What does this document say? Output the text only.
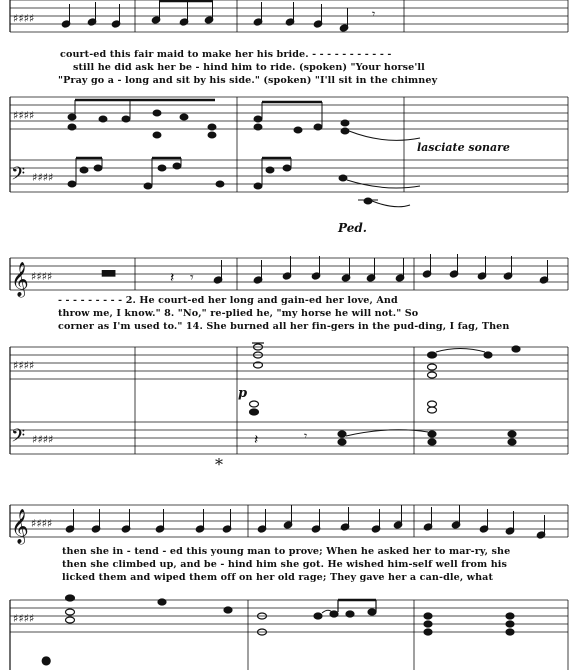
♯♯♯♯	𝄾
court-ed this fair maid to make her his bride. - - - - - - - - - - -
still he did ask her be - hind him to ride. (spoken) "Your horse'll
"Pray go a - long and sit by his side." (spoken) "I'll sit in the chimney
♯♯♯♯
lasciate sonare
𝄢 ♯♯♯♯
Ped.
𝄞 ♯♯♯♯	▬	𝄽 𝄾
- - - - - - - - - 2. He court-ed her long and gain-ed her love, And
throw me, I know." 8. "No," re-plied he, "my horse he will not." So
corner as I'm used to." 14. She burned all her fin-gers in the pud-ding, I fag, Then
♯♯♯♯
p
𝄢 ♯♯♯♯	𝄽	𝄾
*
𝄞 ♯♯♯♯
then she in - tend - ed this young man to prove; When he asked her to mar-ry, she
then she climbed up, and be - hind him she got. He wished him-self well from his
licked them and wiped them off on her old rage; They gave her a can-dle, what
♯♯♯♯
●
